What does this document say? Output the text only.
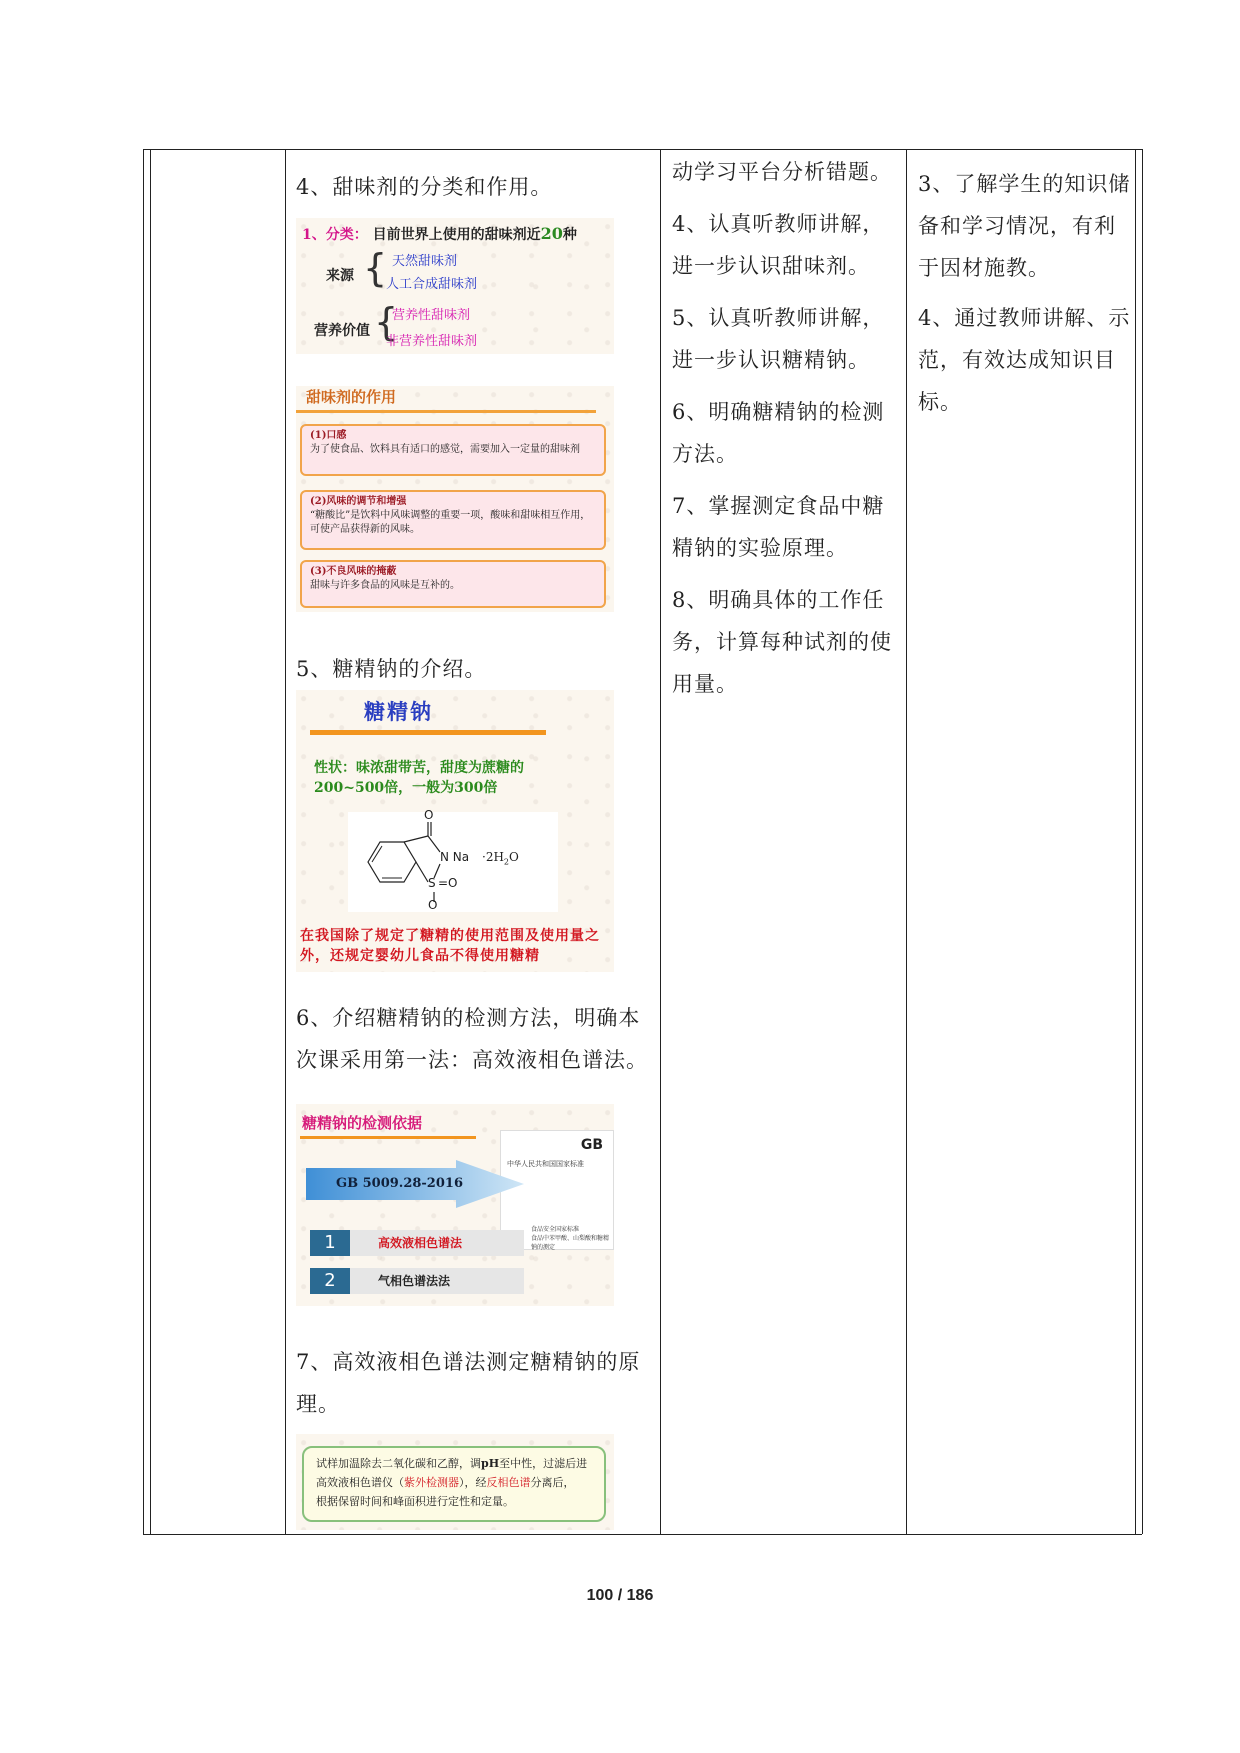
4、甜味剂的分类和作用。

1、分类： 目前世界上使用的甜味剂近20种
来源 { 天然甜味剂
人工合成甜味剂
营养价值 {
营养性甜味剂
非营养性甜味剂
甜味剂的作用
(1)口感
为了使食品、饮料具有适口的感觉，需要加入一定量的甜味剂
(2)风味的调节和增强
“糖酸比”是饮料中风味调整的重要一项，酸味和甜味相互作用，可使产品获得新的风味。
(3)不良风味的掩蔽
甜味与许多食品的风味是互补的。

5、糖精钠的介绍。

糖精钠
性状：味浓甜带苦，甜度为蔗糖的
200~500倍，一般为300倍
O
N $Na \cdot 2H_2O$
S =O
O
在我国除了规定了糖精的使用范围及使用量之外，还规定婴幼儿食品不得使用糖精

6、介绍糖精钠的检测方法，明确本次课采用第一法：高效液相色谱法。

糖精钠的检测依据
GB
中华人民共和国国家标准
食品安全国家标准
食品中苯甲酸、山梨酸和糖精钠的测定
GB 5009.28-2016
1	高效液相色谱法
2	气相色谱法法

7、高效液相色谱法测定糖精钠的原理。

试样加温除去二氧化碳和乙醇，调pH至中性，过滤后进
高效液相色谱仪（紫外检测器），经反相色谱分离后，
根据保留时间和峰面积进行定性和定量。

动学习平台分析错题。

4、认真听教师讲解，进一步认识甜味剂。

5、认真听教师讲解，进一步认识糖精钠。

6、明确糖精钠的检测方法。

7、掌握测定食品中糖精钠的实验原理。

8、明确具体的工作任务，计算每种试剂的使用量。

3、了解学生的知识储备和学习情况，有利于因材施教。

4、通过教师讲解、示范，有效达成知识目标。

100 / 186
